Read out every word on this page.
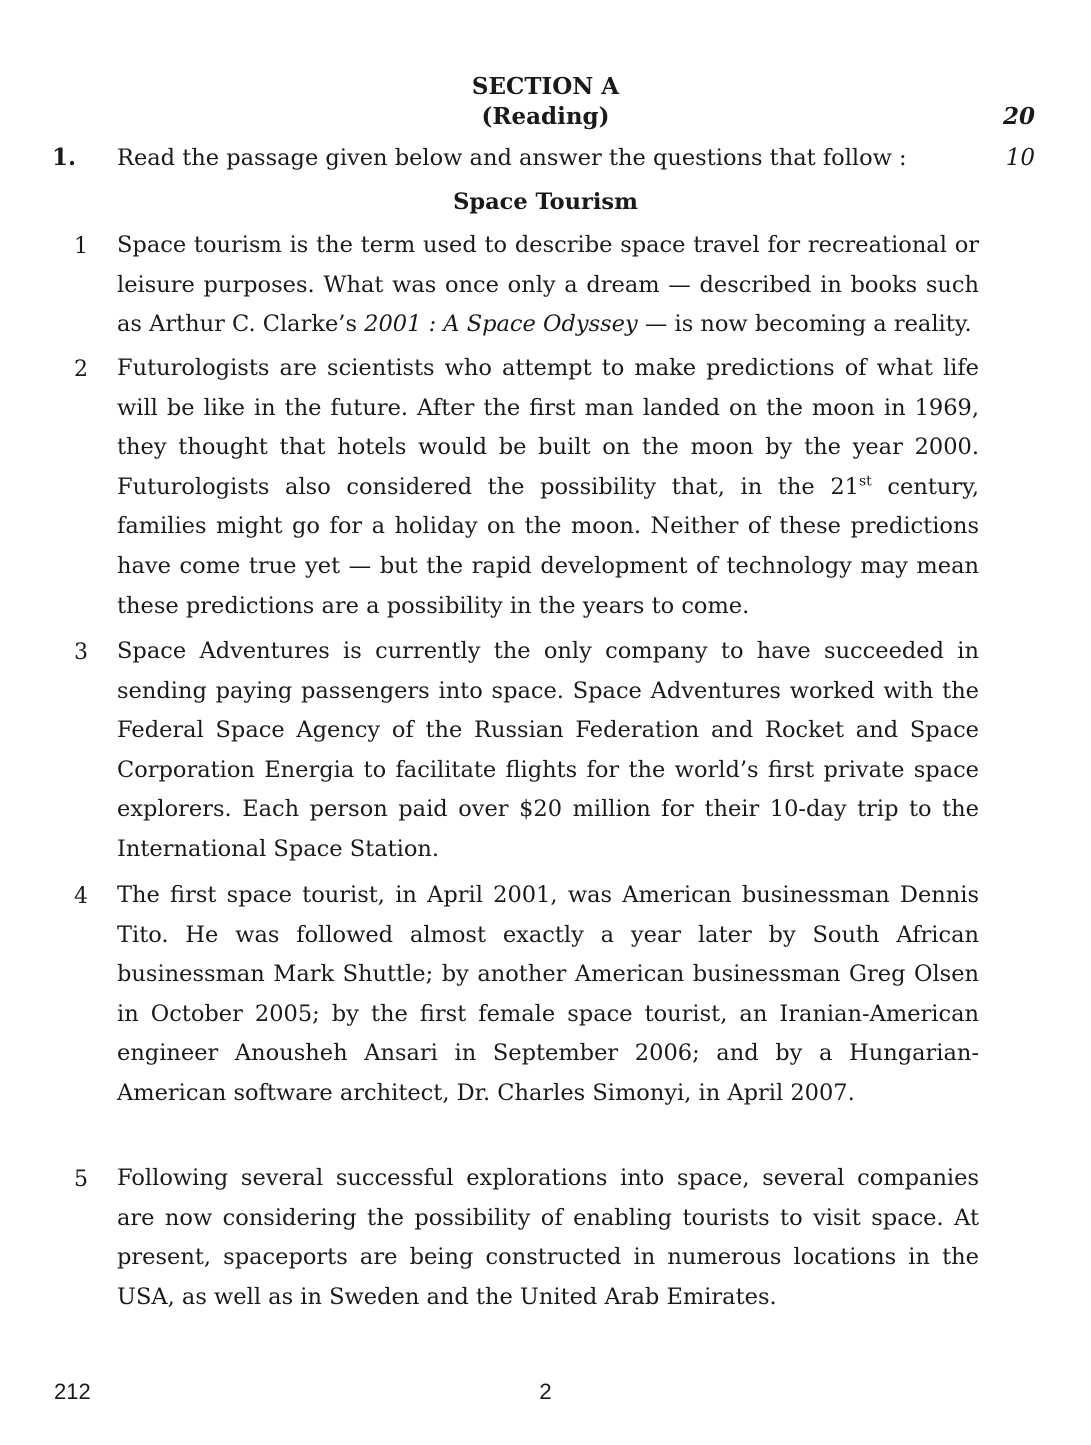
SECTION A
(Reading)	20
1. Read the passage given below and answer the questions that follow :	10
Space Tourism
1 Space tourism is the term used to describe space travel for recreational or leisure purposes. What was once only a dream — described in books such as Arthur C. Clarke’s 2001 : A Space Odyssey — is now becoming a reality.

2 Futurologists are scientists who attempt to make predictions of what life will be like in the future. After the first man landed on the moon in 1969, they thought that hotels would be built on the moon by the year 2000. Futurologists also considered the possibility that, in the 21st century, families might go for a holiday on the moon. Neither of these predictions have come true yet — but the rapid development of technology may mean these predictions are a possibility in the years to come.

3 Space Adventures is currently the only company to have succeeded in sending paying passengers into space. Space Adventures worked with the Federal Space Agency of the Russian Federation and Rocket and Space Corporation Energia to facilitate flights for the world’s first private space explorers. Each person paid over $20 million for their 10-day trip to the International Space Station.

4 The first space tourist, in April 2001, was American businessman Dennis Tito. He was followed almost exactly a year later by South African businessman Mark Shuttle; by another American businessman Greg Olsen in October 2005; by the first female space tourist, an Iranian-American engineer Anousheh Ansari in September 2006; and by a Hungarian-American software architect, Dr. Charles Simonyi, in April 2007.

5 Following several successful explorations into space, several companies are now considering the possibility of enabling tourists to visit space. At present, spaceports are being constructed in numerous locations in the USA, as well as in Sweden and the United Arab Emirates.

212	2
